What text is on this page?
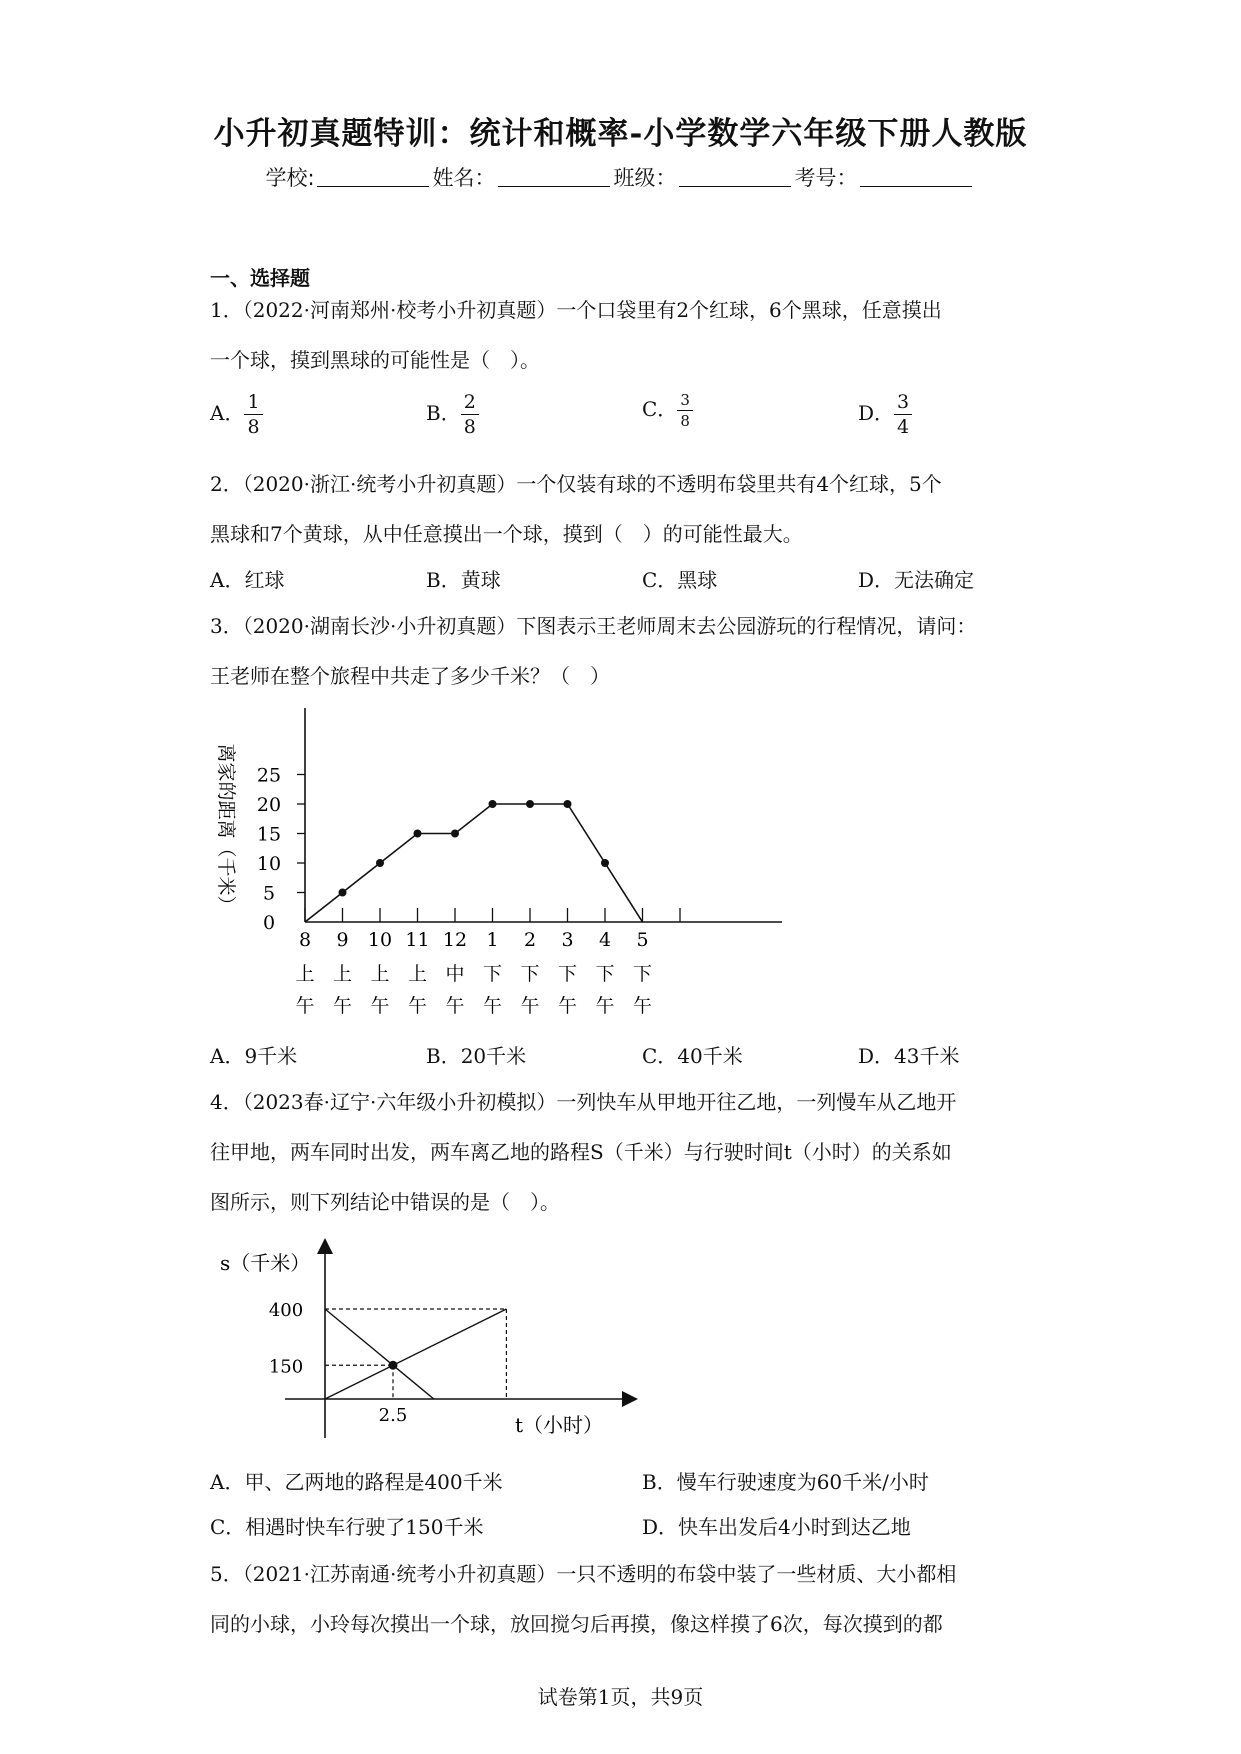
小升初真题特训：统计和概率-小学数学六年级下册人教版
学校:	姓名：	班级：	考号：
一、选择题
1．（2022·河南郑州·校考小升初真题）一个口袋里有2个红球，6个黑球，任意摸出
一个球，摸到黑球的可能性是（　）。
A． $\frac{1}{8}$	B． $\frac{2}{8}$	C． $\frac{3}{8}$	D． $\frac{3}{4}$
2．（2020·浙江·统考小升初真题）一个仅装有球的不透明布袋里共有4个红球，5个
黑球和7个黄球，从中任意摸出一个球，摸到（　）的可能性最大。
A．红球	B．黄球	C．黑球	D．无法确定
3．（2020·湖南长沙·小升初真题）下图表示王老师周末去公园游玩的行程情况，请问：
王老师在整个旅程中共走了多少千米？（　）
0
5
10
15
20
25
离家的距离（千米）
8
上
午
9
上
午
10
上
午
11
上
午
12
中
午
1
下
午
2
下
午
3
下
午
4
下
午
5
下
午
A．9千米	B．20千米	C．40千米	D．43千米
4．（2023春·辽宁·六年级小升初模拟）一列快车从甲地开往乙地，一列慢车从乙地开
往甲地，两车同时出发，两车离乙地的路程S（千米）与行驶时间t（小时）的关系如
图所示，则下列结论中错误的是（　）。
s（千米）
t（小时）
400
150
2.5
A．甲、乙两地的路程是400千米	B．慢车行驶速度为60千米/小时
C．相遇时快车行驶了150千米	D．快车出发后4小时到达乙地
5．（2021·江苏南通·统考小升初真题）一只不透明的布袋中装了一些材质、大小都相
同的小球，小玲每次摸出一个球，放回搅匀后再摸，像这样摸了6次，每次摸到的都
试卷第1页，共9页
